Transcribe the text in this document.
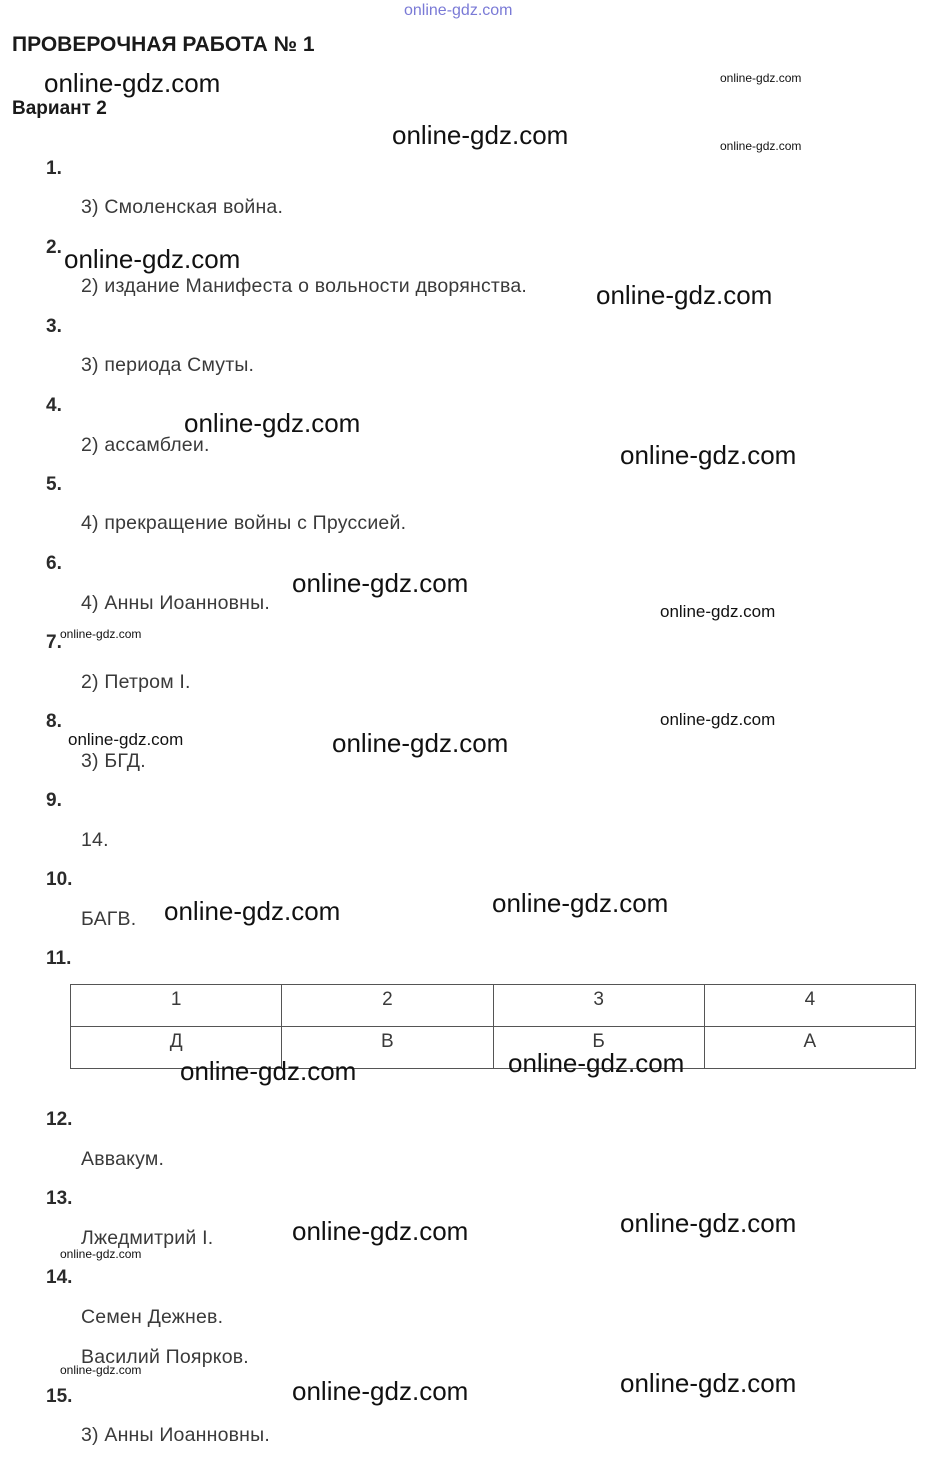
online-gdz.com
ПРОВЕРОЧНАЯ РАБОТА № 1
Вариант 2
1.
3) Смоленская война.
2.
2) издание Манифеста о вольности дворянства.
3.
3) периода Смуты.
4.
2) ассамблеи.
5.
4) прекращение войны с Пруссией.
6.
4) Анны Иоанновны.
7.
2) Петром I.
8.
3) БГД.
9.
14.
10.
БАГВ.
11.
1	2	3	4
Д	В	Б	А
12.
Аввакум.
13.
Лжедмитрий I.
14.
Семен Дежнев.
Василий Поярков.
15.
3) Анны Иоанновны.
online-gdz.com	online-gdz.com
online-gdz.com	online-gdz.com
online-gdz.com
online-gdz.com
online-gdz.com
online-gdz.com
online-gdz.com
online-gdz.com
online-gdz.com
online-gdz.com
online-gdz.com
online-gdz.com
online-gdz.com
online-gdz.com
online-gdz.com
online-gdz.com
online-gdz.com
online-gdz.com
online-gdz.com
online-gdz.com	online-gdz.com
online-gdz.com
